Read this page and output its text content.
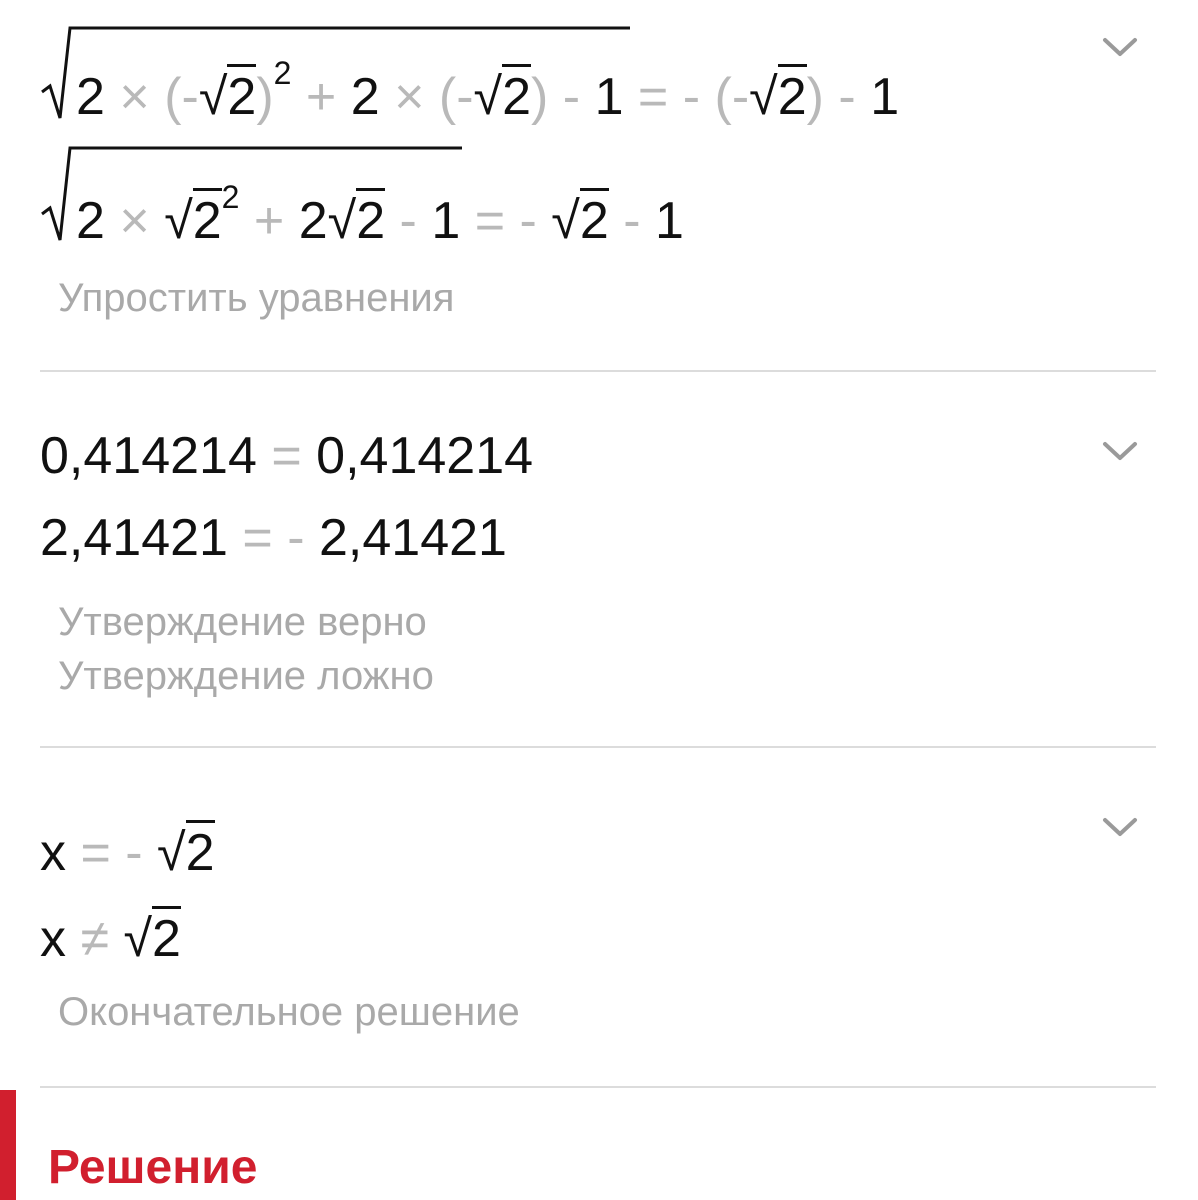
$2 \times (-√2)^2 + 2 \times (-√2) - 1$ = - (-√2) - 1
$2 \times √2^2 + 2√2 - 1$ = - √2 - 1
Упростить уравнения
0,414214 = 0,414214
2,41421 = - 2,41421
Утверждение верно
Утверждение ложно
x = - √2
x ≠ √2
Окончательное решение
Решение
